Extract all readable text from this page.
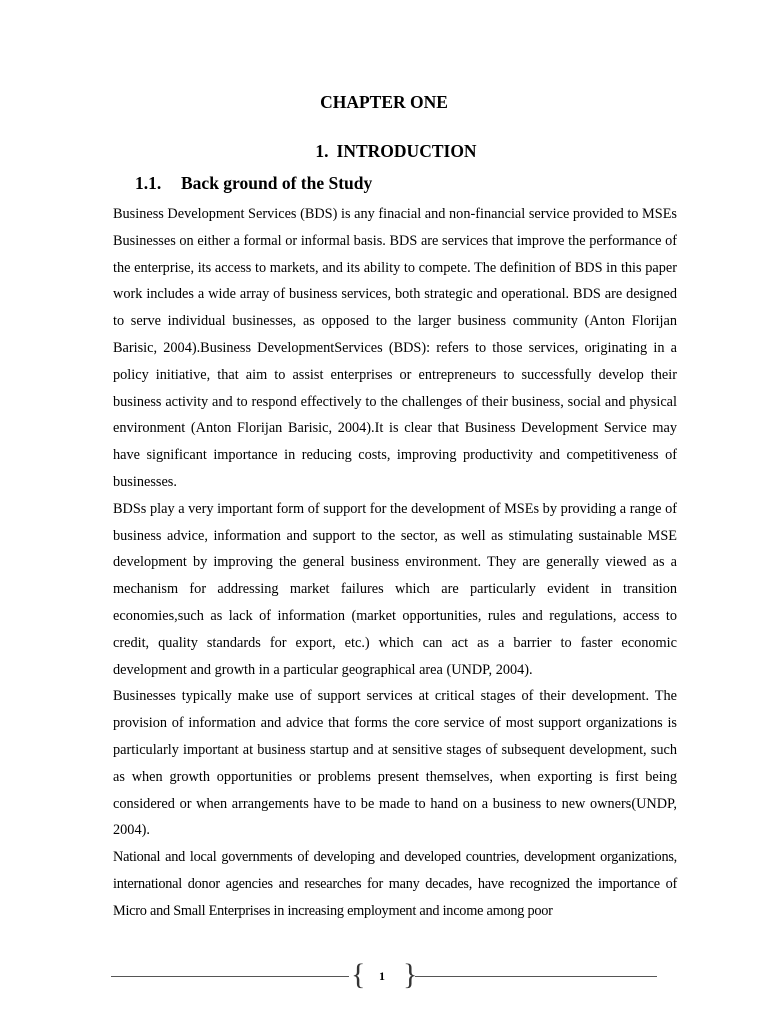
CHAPTER ONE
1. INTRODUCTION
1.1. Back ground of the Study

Business Development Services (BDS) is any finacial and non-financial service provided to MSEs Businesses on either a formal or informal basis. BDS are services that improve the performance of the enterprise, its access to markets, and its ability to compete. The definition of BDS in this paper work includes a wide array of business services, both strategic and operational. BDS are designed to serve individual businesses, as opposed to the larger business community (Anton Florijan Barisic, 2004).Business DevelopmentServices (BDS): refers to those services, originating in a policy initiative, that aim to assist enterprises or entrepreneurs to successfully develop their business activity and to respond effectively to the challenges of their business, social and physical environment (Anton Florijan Barisic, 2004).It is clear that Business Development Service may have significant importance in reducing costs, improving productivity and competitiveness of businesses.

BDSs play a very important form of support for the development of MSEs by providing a range of business advice, information and support to the sector, as well as stimulating sustainable MSE development by improving the general business environment. They are generally viewed as a mechanism for addressing market failures which are particularly evident in transition economies,such as lack of information (market opportunities, rules and regulations, access to credit, quality standards for export, etc.) which can act as a barrier to faster economic development and growth in a particular geographical area (UNDP, 2004).

Businesses typically make use of support services at critical stages of their development. The provision of information and advice that forms the core service of most support organizations is particularly important at business startup and at sensitive stages of subsequent development, such as when growth opportunities or problems present themselves, when exporting is first being considered or when arrangements have to be made to hand on a business to new owners(UNDP, 2004).

National and local governments of developing and developed countries, development organizations, international donor agencies and researches for many decades, have recognized the importance of Micro and Small Enterprises in increasing employment and income among poor

{	1 }
